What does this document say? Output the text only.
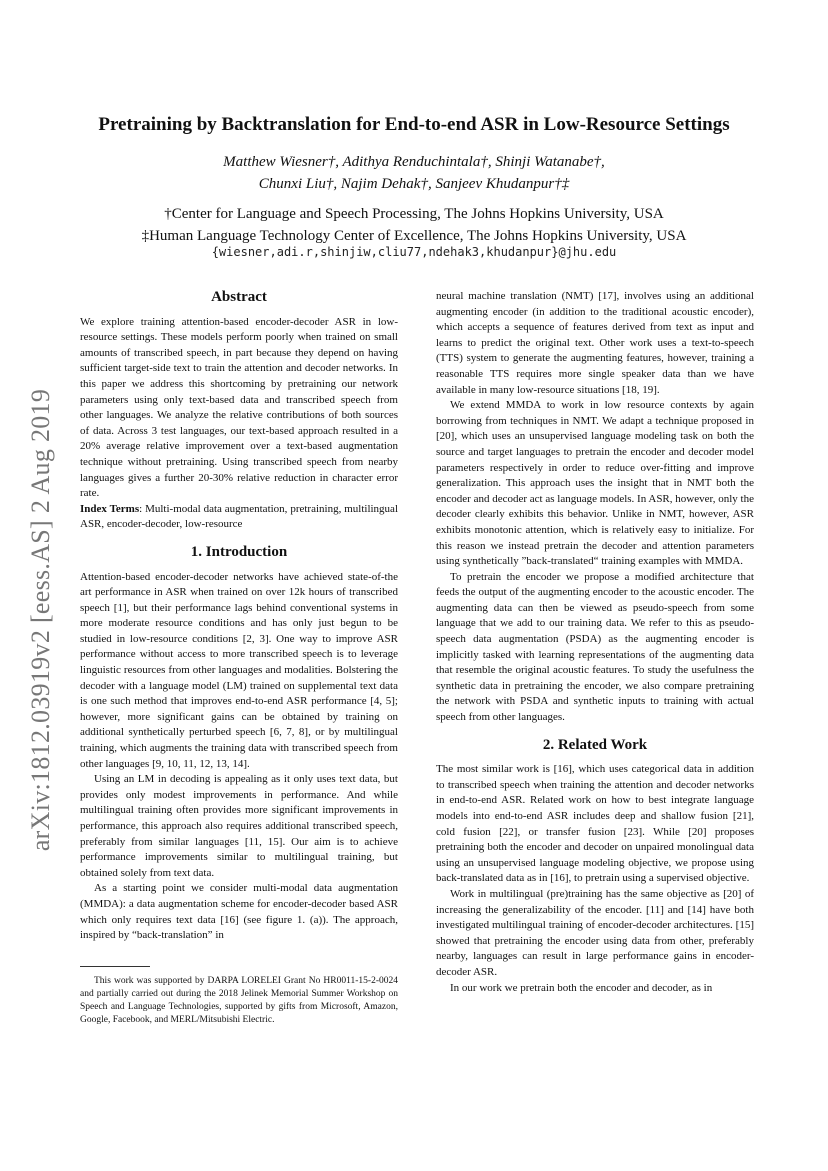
arXiv:1812.03919v2 [eess.AS] 2 Aug 2019
Pretraining by Backtranslation for End-to-end ASR in Low-Resource Settings
Matthew Wiesner†, Adithya Renduchintala†, Shinji Watanabe†,
Chunxi Liu†, Najim Dehak†, Sanjeev Khudanpur†‡
†Center for Language and Speech Processing, The Johns Hopkins University, USA
‡Human Language Technology Center of Excellence, The Johns Hopkins University, USA
{wiesner,adi.r,shinjiw,cliu77,ndehak3,khudanpur}@jhu.edu
Abstract

We explore training attention-based encoder-decoder ASR in low-resource settings. These models perform poorly when trained on small amounts of transcribed speech, in part because they depend on having sufficient target-side text to train the attention and decoder networks. In this paper we address this shortcoming by pretraining our network parameters using only text-based data and transcribed speech from other languages. We analyze the relative contributions of both sources of data. Across 3 test languages, our text-based approach resulted in a 20% average relative improvement over a text-based augmentation technique without pretraining. Using transcribed speech from nearby languages gives a further 20-30% relative reduction in character error rate.

Index Terms: Multi-modal data augmentation, pretraining, multilingual ASR, encoder-decoder, low-resource

1. Introduction

Attention-based encoder-decoder networks have achieved state-of-the art performance in ASR when trained on over 12k hours of transcribed speech [1], but their performance lags behind conventional systems in more moderate resource conditions and has only just begun to be studied in low-resource conditions [2, 3]. One way to improve ASR performance without access to more transcribed speech is to leverage linguistic resources from other languages and modalities. Bolstering the decoder with a language model (LM) trained on supplemental text data is one such method that improves end-to-end ASR performance [4, 5]; however, more significant gains can be obtained by training on additional synthetically perturbed speech [6, 7, 8], or by multilingual training, which augments the training data with transcribed speech from other languages [9, 10, 11, 12, 13, 14].

Using an LM in decoding is appealing as it only uses text data, but provides only modest improvements in performance. And while multilingual training often provides more significant improvements in performance, this approach also requires additional transcribed speech, preferably from similar languages [11, 15]. Our aim is to achieve performance improvements similar to multilingual training, but obtained solely from text data.

As a starting point we consider multi-modal data augmentation (MMDA): a data augmentation scheme for encoder-decoder based ASR which only requires text data [16] (see figure 1. (a)). The approach, inspired by “back-translation” in

This work was supported by DARPA LORELEI Grant No HR0011-15-2-0024 and partially carried out during the 2018 Jelinek Memorial Summer Workshop on Speech and Language Technologies, supported by gifts from Microsoft, Amazon, Google, Facebook, and MERL/Mitsubishi Electric.

neural machine translation (NMT) [17], involves using an additional augmenting encoder (in addition to the traditional acoustic encoder), which accepts a sequence of features derived from text as input and learns to predict the original text. Other work uses a text-to-speech (TTS) system to generate the augmenting features, however, training a reasonable TTS requires more single speaker data than we have available in many low-resource situations [18, 19].

We extend MMDA to work in low resource contexts by again borrowing from techniques in NMT. We adapt a technique proposed in [20], which uses an unsupervised language modeling task on both the source and target languages to pretrain the encoder and decoder model parameters respectively in order to reduce over-fitting and improve generalization. This approach uses the insight that in NMT both the encoder and decoder act as language models. In ASR, however, only the decoder clearly exhibits this behavior. Unlike in NMT, however, ASR exhibits monotonic attention, which is relatively easy to initialize. For this reason we instead pretrain the decoder and attention parameters using synthetically ”back-translated“ training examples with MMDA.

To pretrain the encoder we propose a modified architecture that feeds the output of the augmenting encoder to the acoustic encoder. The augmenting data can then be viewed as pseudo-speech from some language that we add to our training data. We refer to this as pseudo-speech data augmentation (PSDA) as the augmenting encoder is implicitly tasked with learning representations of the augmenting data that resemble the original acoustic features. To study the usefulness the synthetic data in pretraining the encoder, we also compare pretraining the network with PSDA and synthetic inputs to training with actual speech from other languages.

2. Related Work

The most similar work is [16], which uses categorical data in addition to transcribed speech when training the attention and decoder networks in end-to-end ASR. Related work on how to best integrate language models into end-to-end ASR includes deep and shallow fusion [21], cold fusion [22], or transfer fusion [23]. While [20] proposes pretraining both the encoder and decoder on unpaired monolingual data using an unsupervised language modeling objective, we propose using back-translated data as in [16], to pretrain using a supervised objective.

Work in multilingual (pre)training has the same objective as [20] of increasing the generalizability of the encoder. [11] and [14] have both investigated multilingual training of encoder-decoder architectures. [15] showed that pretraining the encoder using data from other, preferably nearby, languages can result in large performance gains in encoder-decoder ASR.

In our work we pretrain both the encoder and decoder, as in
